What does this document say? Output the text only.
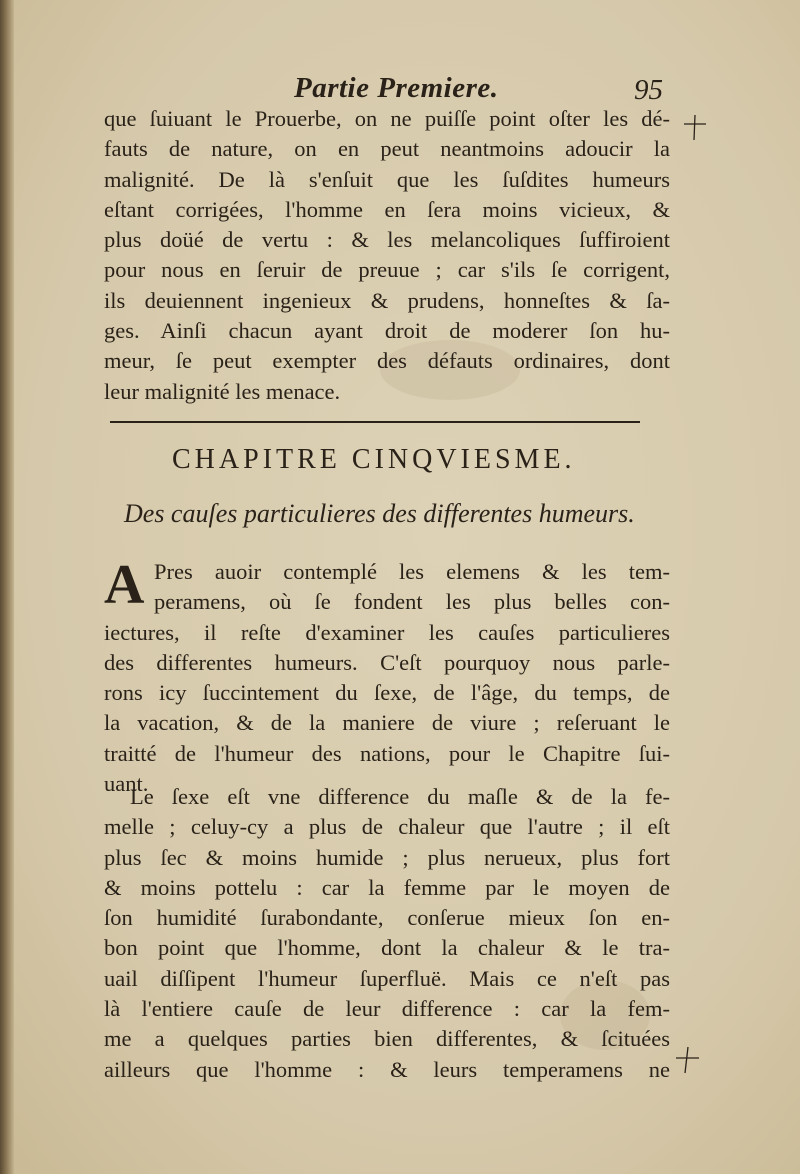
Partie Premiere.	95
que ſuiuant le Prouerbe, on ne puiſſe point oſter les dé-
fauts de nature, on en peut neantmoins adoucir la
malignité. De là s'enſuit que les ſuſdites humeurs
eſtant corrigées, l'homme en ſera moins vicieux, &
plus doüé de vertu : & les melancoliques ſuffiroient
pour nous en ſeruir de preuue ; car s'ils ſe corrigent,
ils deuiennent ingenieux & prudens, honneſtes & ſa-
ges. Ainſi chacun ayant droit de moderer ſon hu-
meur, ſe peut exempter des défauts ordinaires, dont
leur malignité les menace.
CHAPITRE CINQVIESME.
Des cauſes particulieres des differentes humeurs.
A Pres auoir contemplé les elemens & les tem-
peramens, où ſe fondent les plus belles con-
iectures, il reſte d'examiner les cauſes particulieres
des differentes humeurs. C'eſt pourquoy nous parle-
rons icy ſuccintement du ſexe, de l'âge, du temps, de
la vacation, & de la maniere de viure ; reſeruant le
traitté de l'humeur des nations, pour le Chapitre ſui-
uant.
Le ſexe eſt vne difference du maſle & de la fe-
melle ; celuy-cy a plus de chaleur que l'autre ; il eſt
plus ſec & moins humide ; plus nerueux, plus fort
& moins pottelu : car la femme par le moyen de
ſon humidité ſurabondante, conſerue mieux ſon en-
bon point que l'homme, dont la chaleur & le tra-
uail diſſipent l'humeur ſuperfluë. Mais ce n'eſt pas
là l'entiere cauſe de leur difference : car la fem-
me a quelques parties bien differentes, & ſcituées
ailleurs que l'homme : & leurs temperamens ne
